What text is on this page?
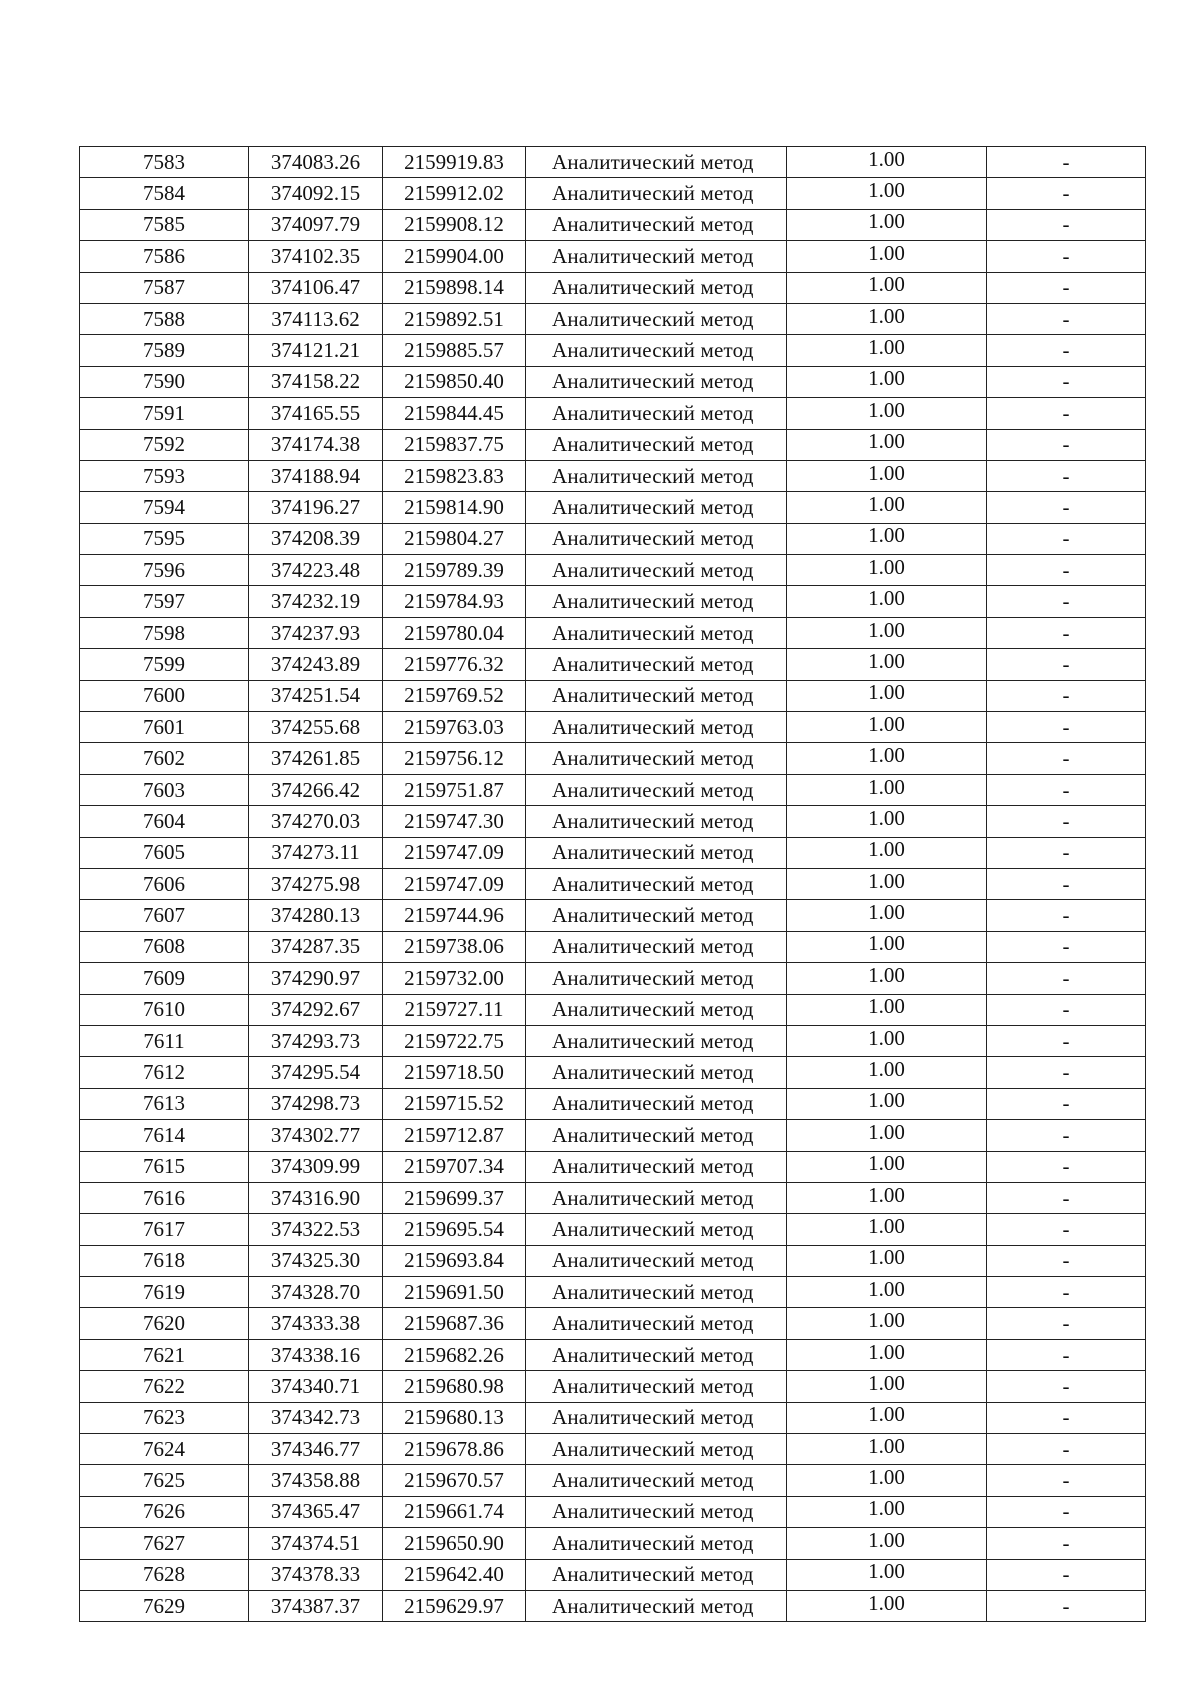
7583	374083.26	2159919.83	Аналитический метод	1.00	-
7584	374092.15	2159912.02	Аналитический метод	1.00	-
7585	374097.79	2159908.12	Аналитический метод	1.00	-
7586	374102.35	2159904.00	Аналитический метод	1.00	-
7587	374106.47	2159898.14	Аналитический метод	1.00	-
7588	374113.62	2159892.51	Аналитический метод	1.00	-
7589	374121.21	2159885.57	Аналитический метод	1.00	-
7590	374158.22	2159850.40	Аналитический метод	1.00	-
7591	374165.55	2159844.45	Аналитический метод	1.00	-
7592	374174.38	2159837.75	Аналитический метод	1.00	-
7593	374188.94	2159823.83	Аналитический метод	1.00	-
7594	374196.27	2159814.90	Аналитический метод	1.00	-
7595	374208.39	2159804.27	Аналитический метод	1.00	-
7596	374223.48	2159789.39	Аналитический метод	1.00	-
7597	374232.19	2159784.93	Аналитический метод	1.00	-
7598	374237.93	2159780.04	Аналитический метод	1.00	-
7599	374243.89	2159776.32	Аналитический метод	1.00	-
7600	374251.54	2159769.52	Аналитический метод	1.00	-
7601	374255.68	2159763.03	Аналитический метод	1.00	-
7602	374261.85	2159756.12	Аналитический метод	1.00	-
7603	374266.42	2159751.87	Аналитический метод	1.00	-
7604	374270.03	2159747.30	Аналитический метод	1.00	-
7605	374273.11	2159747.09	Аналитический метод	1.00	-
7606	374275.98	2159747.09	Аналитический метод	1.00	-
7607	374280.13	2159744.96	Аналитический метод	1.00	-
7608	374287.35	2159738.06	Аналитический метод	1.00	-
7609	374290.97	2159732.00	Аналитический метод	1.00	-
7610	374292.67	2159727.11	Аналитический метод	1.00	-
7611	374293.73	2159722.75	Аналитический метод	1.00	-
7612	374295.54	2159718.50	Аналитический метод	1.00	-
7613	374298.73	2159715.52	Аналитический метод	1.00	-
7614	374302.77	2159712.87	Аналитический метод	1.00	-
7615	374309.99	2159707.34	Аналитический метод	1.00	-
7616	374316.90	2159699.37	Аналитический метод	1.00	-
7617	374322.53	2159695.54	Аналитический метод	1.00	-
7618	374325.30	2159693.84	Аналитический метод	1.00	-
7619	374328.70	2159691.50	Аналитический метод	1.00	-
7620	374333.38	2159687.36	Аналитический метод	1.00	-
7621	374338.16	2159682.26	Аналитический метод	1.00	-
7622	374340.71	2159680.98	Аналитический метод	1.00	-
7623	374342.73	2159680.13	Аналитический метод	1.00	-
7624	374346.77	2159678.86	Аналитический метод	1.00	-
7625	374358.88	2159670.57	Аналитический метод	1.00	-
7626	374365.47	2159661.74	Аналитический метод	1.00	-
7627	374374.51	2159650.90	Аналитический метод	1.00	-
7628	374378.33	2159642.40	Аналитический метод	1.00	-
7629	374387.37	2159629.97	Аналитический метод	1.00	-
